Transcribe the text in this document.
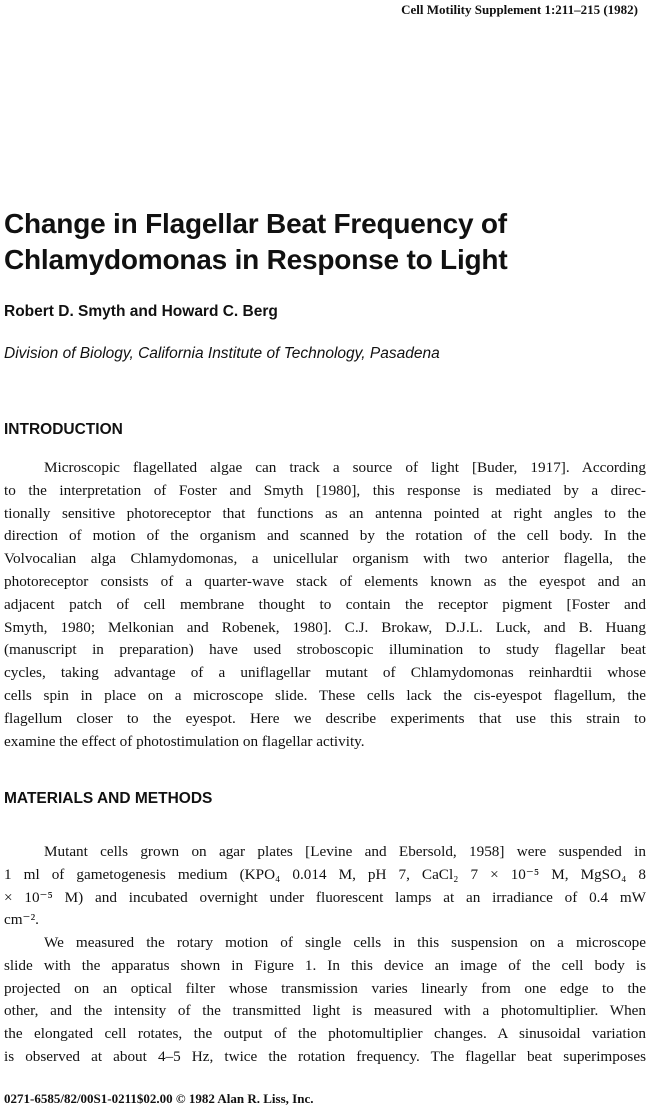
Cell Motility Supplement 1:211–215 (1982)
Change in Flagellar Beat Frequency of
Chlamydomonas in Response to Light
Robert D. Smyth and Howard C. Berg
Division of Biology, California Institute of Technology, Pasadena
INTRODUCTION
Microscopic flagellated algae can track a source of light [Buder, 1917]. According
to the interpretation of Foster and Smyth [1980], this response is mediated by a direc-
tionally sensitive photoreceptor that functions as an antenna pointed at right angles to the
direction of motion of the organism and scanned by the rotation of the cell body. In the
Volvocalian alga Chlamydomonas, a unicellular organism with two anterior flagella, the
photoreceptor consists of a quarter-wave stack of elements known as the eyespot and an
adjacent patch of cell membrane thought to contain the receptor pigment [Foster and
Smyth, 1980; Melkonian and Robenek, 1980]. C.J. Brokaw, D.J.L. Luck, and B. Huang
(manuscript in preparation) have used stroboscopic illumination to study flagellar beat
cycles, taking advantage of a uniflagellar mutant of Chlamydomonas reinhardtii whose
cells spin in place on a microscope slide. These cells lack the cis-eyespot flagellum, the
flagellum closer to the eyespot. Here we describe experiments that use this strain to
examine the effect of photostimulation on flagellar activity.
MATERIALS AND METHODS
Mutant cells grown on agar plates [Levine and Ebersold, 1958] were suspended in
1 ml of gametogenesis medium (KPO₄ 0.014 M, pH 7, CaCl₂ 7 × 10⁻⁵ M, MgSO₄ 8
× 10⁻⁵ M) and incubated overnight under fluorescent lamps at an irradiance of 0.4 mW
cm⁻².
We measured the rotary motion of single cells in this suspension on a microscope
slide with the apparatus shown in Figure 1. In this device an image of the cell body is
projected on an optical filter whose transmission varies linearly from one edge to the
other, and the intensity of the transmitted light is measured with a photomultiplier. When
the elongated cell rotates, the output of the photomultiplier changes. A sinusoidal variation
is observed at about 4–5 Hz, twice the rotation frequency. The flagellar beat superimposes
0271-6585/82/00S1-0211$02.00 © 1982 Alan R. Liss, Inc.
